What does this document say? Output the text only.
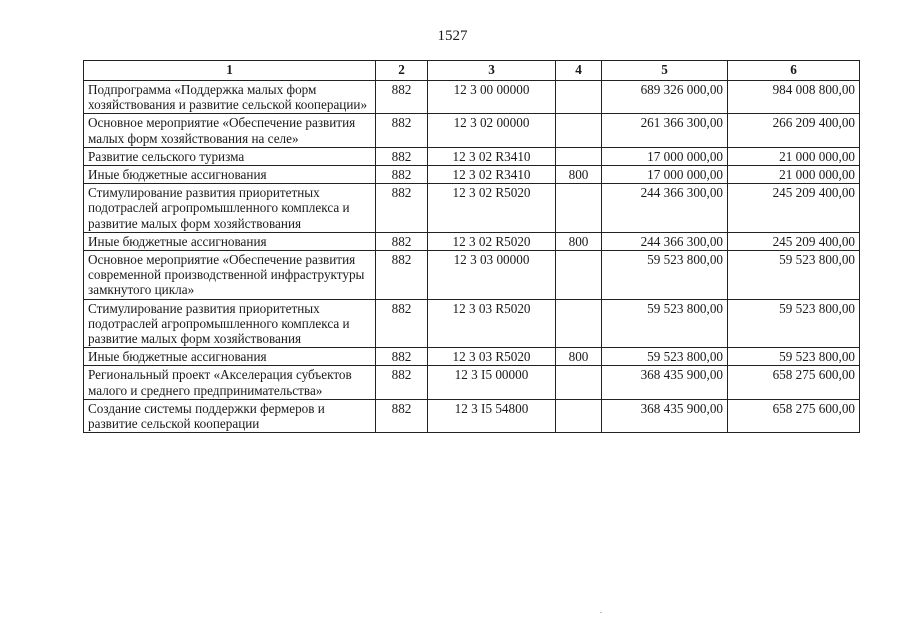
1527
1	2	3	4	5	6
Подпрограмма «Поддержка малых форм хозяйствования и развитие сельской кооперации»	882	12 3 00 00000		689 326 000,00	984 008 800,00
Основное мероприятие «Обеспечение развития малых форм хозяйствования на селе»	882	12 3 02 00000		261 366 300,00	266 209 400,00
Развитие сельского туризма	882	12 3 02 R3410		17 000 000,00	21 000 000,00
Иные бюджетные ассигнования	882	12 3 02 R3410	800	17 000 000,00	21 000 000,00
Стимулирование развития приоритетных подотраслей агропромышленного комплекса и развитие малых форм хозяйствования	882	12 3 02 R5020		244 366 300,00	245 209 400,00
Иные бюджетные ассигнования	882	12 3 02 R5020	800	244 366 300,00	245 209 400,00
Основное мероприятие «Обеспечение развития современной производственной инфраструктуры замкнутого цикла»	882	12 3 03 00000		59 523 800,00	59 523 800,00
Стимулирование развития приоритетных подотраслей агропромышленного комплекса и развитие малых форм хозяйствования	882	12 3 03 R5020		59 523 800,00	59 523 800,00
Иные бюджетные ассигнования	882	12 3 03 R5020	800	59 523 800,00	59 523 800,00
Региональный проект «Акселерация субъектов малого и среднего предпринимательства»	882	12 3 I5 00000		368 435 900,00	658 275 600,00
Создание системы поддержки фермеров и развитие сельской кооперации	882	12 3 I5 54800		368 435 900,00	658 275 600,00
